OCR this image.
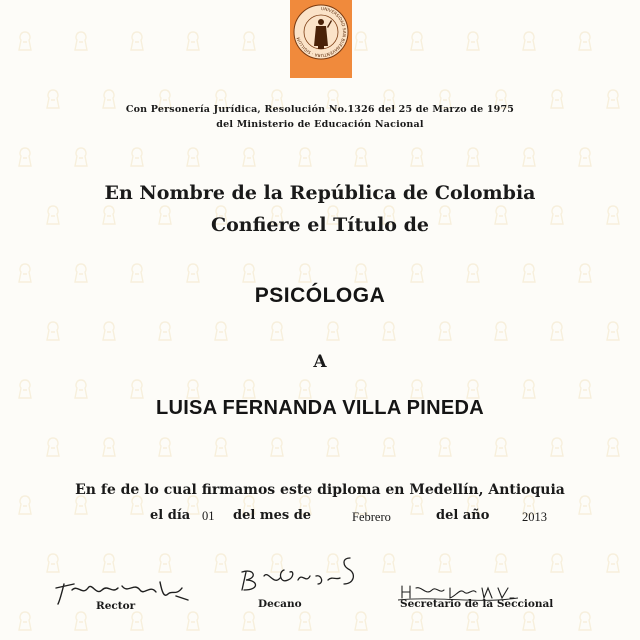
UNIVERSIDAD SAN BUENAVENTURA · SIGILLUM
Con Personería Jurídica, Resolución No.1326 del 25 de Marzo de 1975
del Ministerio de Educación Nacional
En Nombre de la República de Colombia
Confiere el Título de
PSICÓLOGA
A
LUISA FERNANDA VILLA PINEDA
En fe de lo cual firmamos este diploma en Medellín, Antioquia
el día 01 del mes de	Febrero	del año	2013
Rector	Decano	Secretario de la Seccional
